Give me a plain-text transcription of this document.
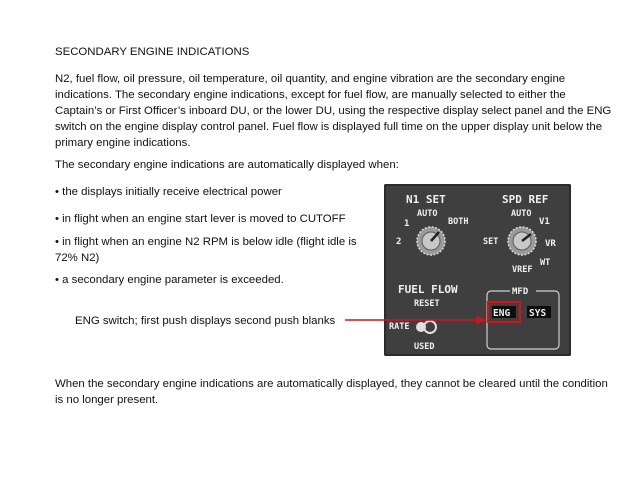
SECONDARY ENGINE INDICATIONS
N2, fuel flow, oil pressure, oil temperature, oil quantity, and engine vibration are the secondary engine indications. The secondary engine indications, except for fuel flow, are manually selected to either the Captain’s or First Officer’s inboard DU, or the lower DU, using the respective display select panel and the ENG switch on the engine display control panel. Fuel flow is displayed full time on the upper display unit below the primary engine indications.
The secondary engine indications are automatically displayed when:
• the displays initially receive electrical power
• in flight when an engine start lever is moved to CUTOFF
• in flight when an engine N2 RPM is below idle (flight idle is 72% N2)
• a secondary engine parameter is exceeded.
ENG switch; first push displays second push blanks
When the secondary engine indications are automatically displayed, they cannot be cleared until the condition is no longer present.
N1 SET
AUTO
BOTH
1
2
SPD REF
AUTO
V1
SET	VR
WT
VREF
FUEL FLOW
RESET
RATE
USED
MFD
ENG SYS
